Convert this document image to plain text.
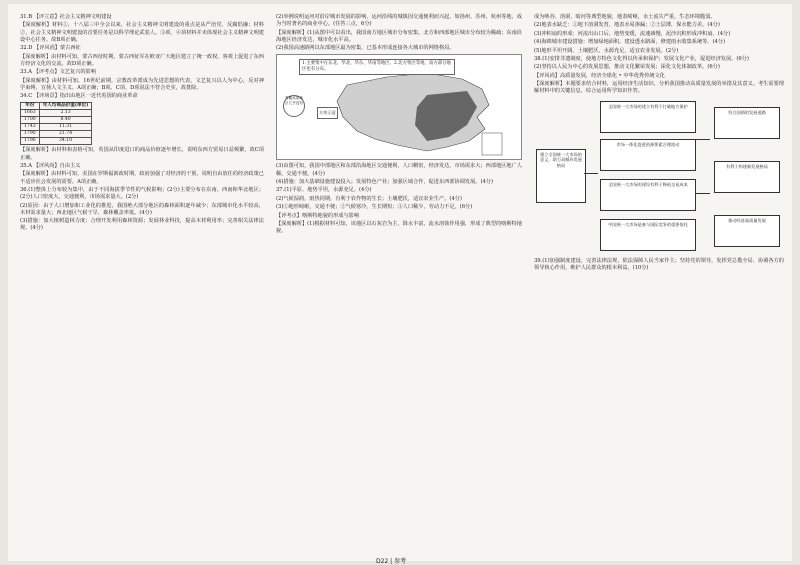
31.B 【评立意】社会主义精神文明建设

【深度解析】材料①，十八届三中全会以来，社会主义精神文明建设的重点是从严治党、反腐倡廉；材料②，社会主义精神文明建设的首要任务是以科学理论武装人。③项、④项材料并未体现社会主义精神文明建设中心任务。故B项正确。

32.D 【评风尚】蒙古西征

【深度解析】由材料可知，蒙古西征时期，蒙古西征军在欧亚广大地区建立了统一政权，客观上促进了东西方经济文化的交流。故D项正确。

33.A 【评考点】文艺复兴的影响

【深度解析】由材料可知，16世纪前期，宗教改革派成为先进思想的代表，文艺复兴以人为中心，反对神学束缚，宣扬人文主义。A项正确；B项、C项、D项说法不符合史实，故排除。

34.C 【评场景】指出由地区一近代英国的商业革命

年份	年人均商品价值(单位)
1663	2.13
1700	8.40
1743	11.31
1790	21.74
1796	34.10

【深度解析】由材料和表格可知，英国从印度进口的商品价值逐年增长，说明东西方贸易日益频繁，故C项正确。

35.A 【评风尚】自由主义

【深度解析】由材料可知，美国在罗斯福新政时期，政府加强了对经济的干预，说明自由放任的经济政策已不适应社会发展的需要。A项正确。

36.(1)整体上分布较为集中，由于不同海拔季节性的气候影响；(2分)主要分布在东南、西南和华北地区；(2分)人口密度大，交通便利，市场需求量大。(2分)

(2)原因：由于人口增加和工业化的推进，我国绝大部分地区的森林面积逐年减少；东部城市化水平较高，木材需求量大；西北地区气候干旱，森林覆盖率低。(4分)

(3)措施：加大植树造林力度；合理开发利用森林资源；发展林业科技，提高木材利用率；完善相关法律法规。(4分)

(2)举例说明运河对沿岸城市发展的影响，运河沿线的城镇因交通便利而兴起，如扬州、苏州、杭州等地，成为当时著名的商业中心。(任答三点，6分)

【深度解析】(1)从图中可以看出，我国南方地区城市分布密集，北方和西部地区城市分布较为稀疏；东南沿海地区经济发达，城市化水平高。

(2)我国高速路网以东部地区最为密集，已基本形成连接各大城市的网络格局。

1.主要集中在东北、华北、华东、华南等地区。2.北方牧区等地，南方部分地区也有分布。
青藏高原地区几乎没有
方块示意

(3)由图可知，我国中部地区和东部沿海地区交通便利，人口稠密，经济发达，市场需求大；西部地区地广人稀，交通不便。(4分)

(4)措施：加大基础设施建设投入；发展特色产业；加强区域合作，促进东西部协调发展。(4分)

37.(1)平原、地势平坦，水源充足。(4分)

(2)气候湿润，雨热同期，有利于农作物的生长；土壤肥沃，适宜农业生产。(4分)

(3)①地形崎岖，交通不便；②气候寒冷，生长期短；③人口稀少，劳动力不足。(6分)

【评考点】喀斯特地貌的形成与影响

【深度解析】(1)根据材料可知，该地区以石灰岩为主，降水丰富，流水溶蚀作用强，形成了典型的喀斯特地貌。

成为峡谷、溶洞、暗河等典型地貌，地表崎岖，水土流失严重，生态环境脆弱。

(2)地表水缺乏：①地下溶洞发育，地表水易渗漏；②土层薄，保水能力差。(4分)

(3)冲积扇的形成：河流出山口后，地势变缓，流速减慢，泥沙沉积形成冲积扇。(4分)

(4)海绵城市建设措施：增加绿地面积，建设透水路面，修建雨水收集系统等。(4分)

(5)地形平坦开阔，土壤肥沃，水源充足，适宜农业发展。(2分)

38.(1)安排非遗制度，使地方特色文化得以传承和保护；发展文化产业，促进经济发展。(6分)

(2)坚持以人民为中心的发展思想，推动文化繁荣发展；深化文化体制改革。(6分)

【评风尚】高质量发展，经济全球化 • 中华优秀传统文化

【深度解析】本题要求结合材料，运用经济生活知识，分析我国推动高质量发展的举措及其意义。考生需要理解材料中的关键信息，综合运用所学知识作答。

建立全国统一大市场的意义，助力双循环发展格局
全国统一大市场的建立有利于打破地方保护
市场一体化促进资源要素合理流动
全国统一大市场的建设有利于降低交易成本
中国统一大市场是参与国际竞争的重要依托
符合国情的发展道路
有利于构建新发展格局
推动经济高质量发展

39.(1)加强制度建设，完善法律法规，依法保障人民当家作主；坚持党的领导，发挥党总揽全局、协调各方的领导核心作用，维护人民群众的根本利益。(10分)

D22 | 参考
